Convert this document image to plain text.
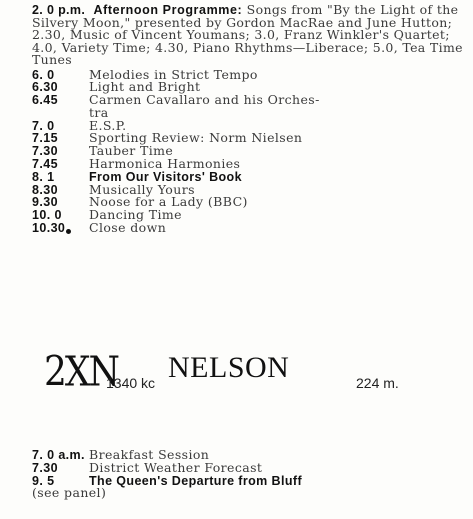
2. 0 p.m. Afternoon Programme: Songs from "By the Light of the Silvery Moon," presented by Gordon MacRae and June Hutton; 2.30, Music of Vincent Youmans; 3.0, Franz Winkler's Quartet; 4.0, Variety Time; 4.30, Piano Rhythms—Liberace; 5.0, Tea Time Tunes
6. 0	Melodies in Strict Tempo
6.30	Light and Bright
6.45	Carmen Cavallaro and his Orches-
tra
7. 0	E.S.P.
7.15	Sporting Review: Norm Nielsen
7.30	Tauber Time
7.45	Harmonica Harmonies
8. 1	From Our Visitors' Book
8.30	Musically Yours
9.30	Noose for a Lady (BBC)
10. 0	Dancing Time
10.30	Close down
2XN
1340 kc NELSON	224 m.
7. 0 a.m. Breakfast Session
7.30	District Weather Forecast
9. 5	The Queen's Departure from Bluff
(see panel)
